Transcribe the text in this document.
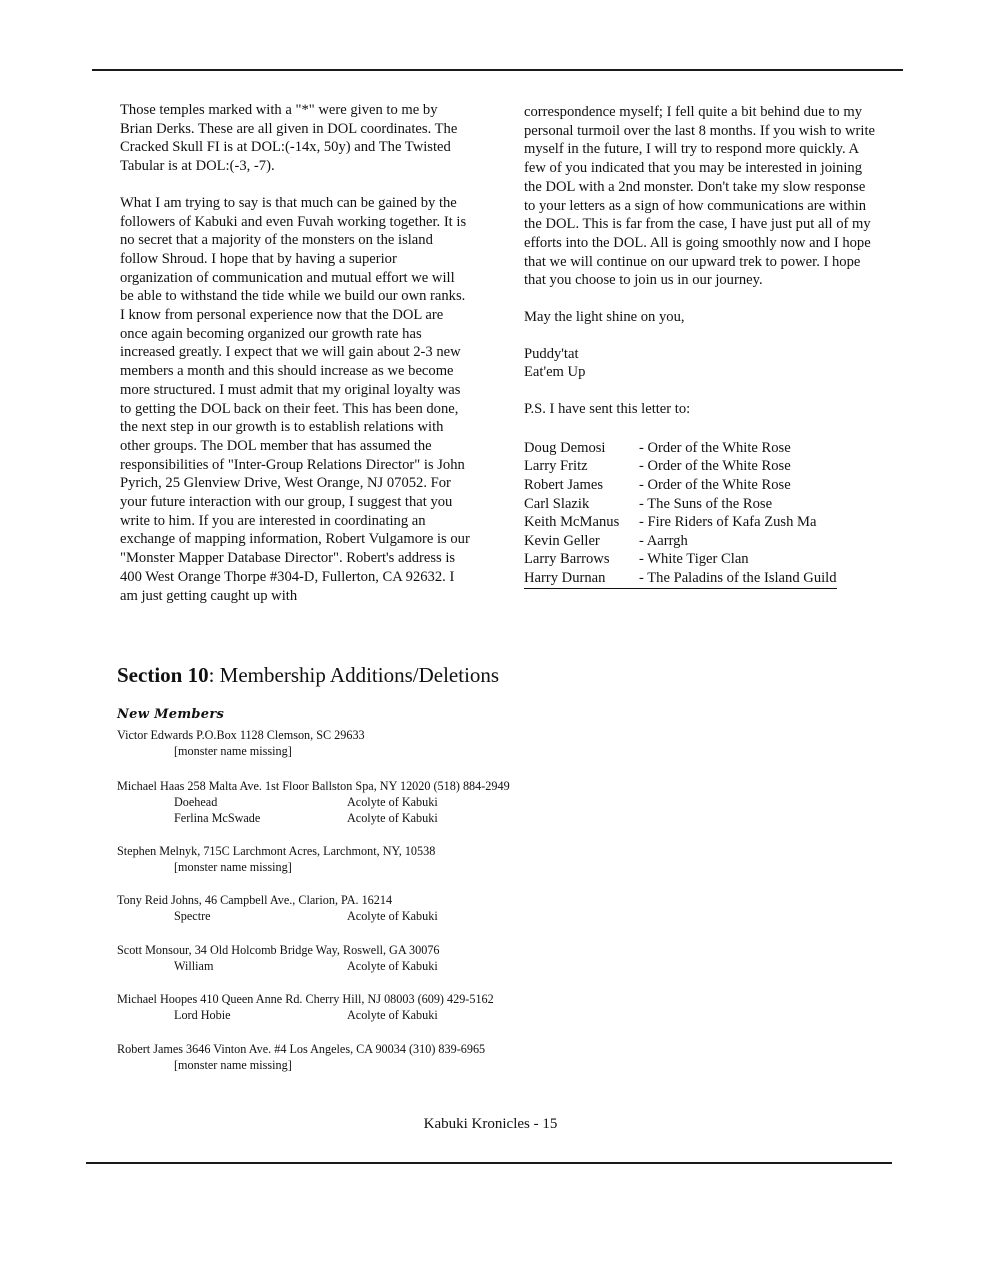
Those temples marked with a "*" were given to me by Brian Derks. These are all given in DOL coordinates. The Cracked Skull FI is at DOL:(-14x, 50y) and The Twisted Tabular is at DOL:(-3, -7).

What I am trying to say is that much can be gained by the followers of Kabuki and even Fuvah working together. It is no secret that a majority of the monsters on the island follow Shroud. I hope that by having a superior organization of communication and mutual effort we will be able to withstand the tide while we build our own ranks. I know from personal experience now that the DOL are once again becoming organized our growth rate has increased greatly. I expect that we will gain about 2-3 new members a month and this should increase as we become more structured. I must admit that my original loyalty was to getting the DOL back on their feet. This has been done, the next step in our growth is to establish relations with other groups. The DOL member that has assumed the responsibilities of "Inter-Group Relations Director" is John Pyrich, 25 Glenview Drive, West Orange, NJ 07052. For your future interaction with our group, I suggest that you write to him. If you are interested in coordinating an exchange of mapping information, Robert Vulgamore is our "Monster Mapper Database Director". Robert's address is 400 West Orange Thorpe #304-D, Fullerton, CA 92632. I am just getting caught up with

correspondence myself; I fell quite a bit behind due to my personal turmoil over the last 8 months. If you wish to write myself in the future, I will try to respond more quickly. A few of you indicated that you may be interested in joining the DOL with a 2nd monster. Don't take my slow response to your letters as a sign of how communications are within the DOL. This is far from the case, I have just put all of my efforts into the DOL. All is going smoothly now and I hope that we will continue on our upward trek to power. I hope that you choose to join us in our journey.

May the light shine on you,

Puddy'tat

Eat'em Up

P.S. I have sent this letter to:

Doug Demosi	- Order of the White Rose
Larry Fritz	- Order of the White Rose
Robert James	- Order of the White Rose
Carl Slazik	- The Suns of the Rose
Keith McManus	- Fire Riders of Kafa Zush Ma
Kevin Geller	- Aarrgh
Larry Barrows	- White Tiger Clan
Harry Durnan	- The Paladins of the Island Guild
Section 10: Membership Additions/Deletions
New Members
Victor Edwards P.O.Box 1128 Clemson, SC 29633
[monster name missing]
Michael Haas 258 Malta Ave. 1st Floor Ballston Spa, NY 12020 (518) 884-2949
Doehead	Acolyte of Kabuki
Ferlina McSwade	Acolyte of Kabuki
Stephen Melnyk, 715C Larchmont Acres, Larchmont, NY, 10538
[monster name missing]
Tony Reid Johns, 46 Campbell Ave., Clarion, PA. 16214
Spectre	Acolyte of Kabuki
Scott Monsour, 34 Old Holcomb Bridge Way, Roswell, GA 30076
William	Acolyte of Kabuki
Michael Hoopes 410 Queen Anne Rd. Cherry Hill, NJ 08003 (609) 429-5162
Lord Hobie	Acolyte of Kabuki
Robert James 3646 Vinton Ave. #4 Los Angeles, CA 90034 (310) 839-6965
[monster name missing]
Kabuki Kronicles - 15
